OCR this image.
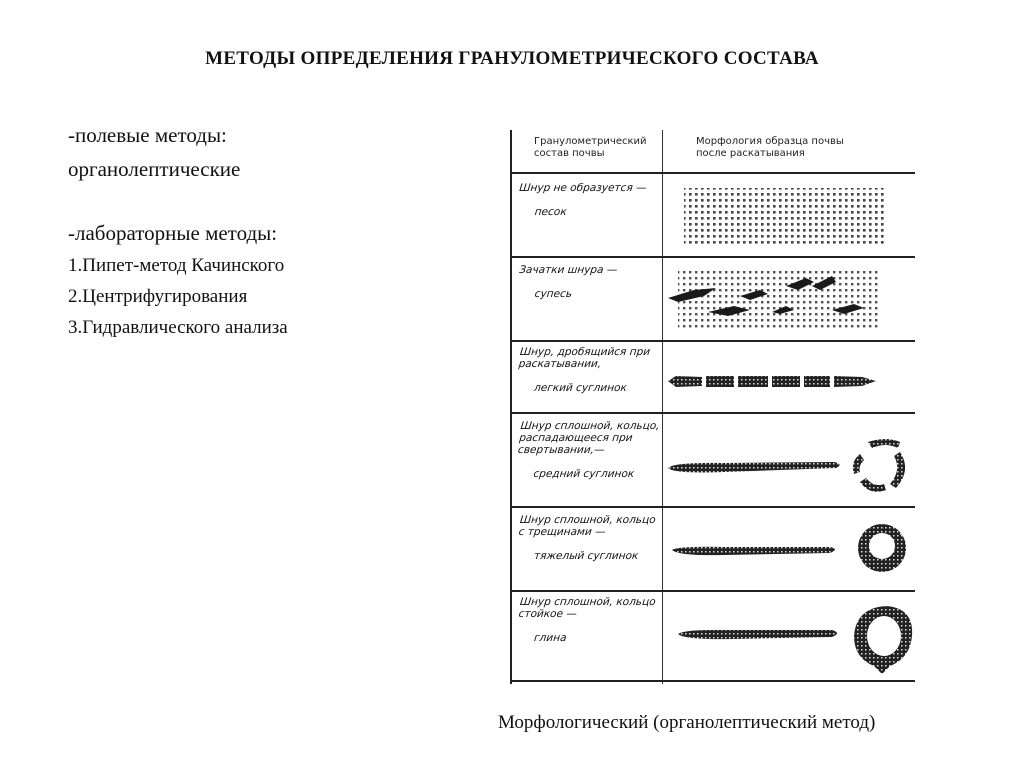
МЕТОДЫ ОПРЕДЕЛЕНИЯ ГРАНУЛОМЕТРИЧЕСКОГО СОСТАВА
-полевые методы:
органолептические
-лабораторные методы:
1.Пипет-метод Качинского
2.Центрифугирования
3.Гидравлического анализа
Гранулометрический состав почвы
Морфология образца почвы после раскатывания
Шнур не образуется —
песок
Зачатки шнура —
супесь
Шнур, дробящийся при раскатывании,
легкий суглинок
Шнур сплошной, кольцо, распадающееся при свертывании,—
средний суглинок
Шнур сплошной, кольцо с трещинами —
тяжелый суглинок
Шнур сплошной, кольцо стойкое —
глина
Морфологический (органолептический метод)
